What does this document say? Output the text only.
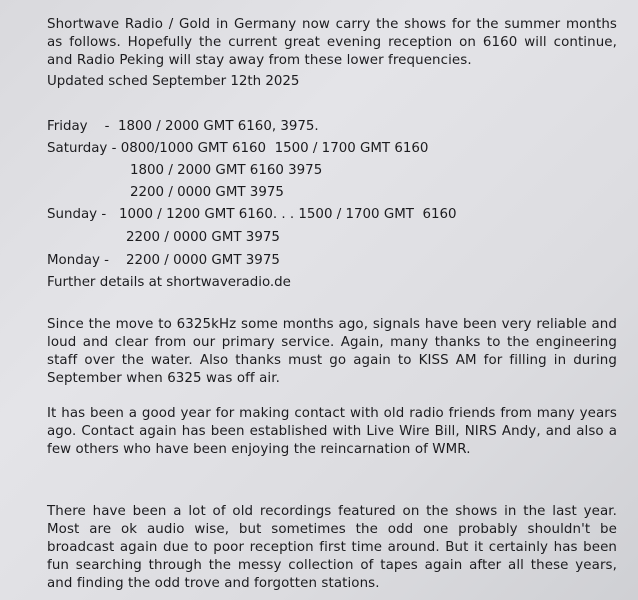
Shortwave Radio / Gold in Germany now carry the shows for the summer months as follows. Hopefully the current great evening reception on 6160 will continue, and Radio Peking will stay away from these lower frequencies.
Updated sched September 12th 2025
Friday    -  1800 / 2000 GMT 6160, 3975.
Saturday - 0800/1000 GMT 6160  1500 / 1700 GMT 6160
1800 / 2000 GMT 6160 3975
2200 / 0000 GMT 3975
Sunday -   1000 / 1200 GMT 6160. . . 1500 / 1700 GMT  6160
2200 / 0000 GMT 3975
Monday -    2200 / 0000 GMT 3975
Further details at shortwaveradio.de
Since the move to 6325kHz some months ago, signals have been very reliable and loud and clear from our primary service. Again, many thanks to the engineering staff over the water. Also thanks must go again to KISS AM for filling in during September when 6325 was off air.
It has been a good year for making contact with old radio friends from many years ago. Contact again has been established with Live Wire Bill, NIRS Andy, and also a few others who have been enjoying the reincarnation of WMR.
There have been a lot of old recordings featured on the shows in the last year. Most are ok audio wise, but sometimes the odd one probably shouldn't be broadcast again due to poor reception first time around. But it certainly has been fun searching through the messy collection of tapes again after all these years, and finding the odd trove and forgotten stations.
